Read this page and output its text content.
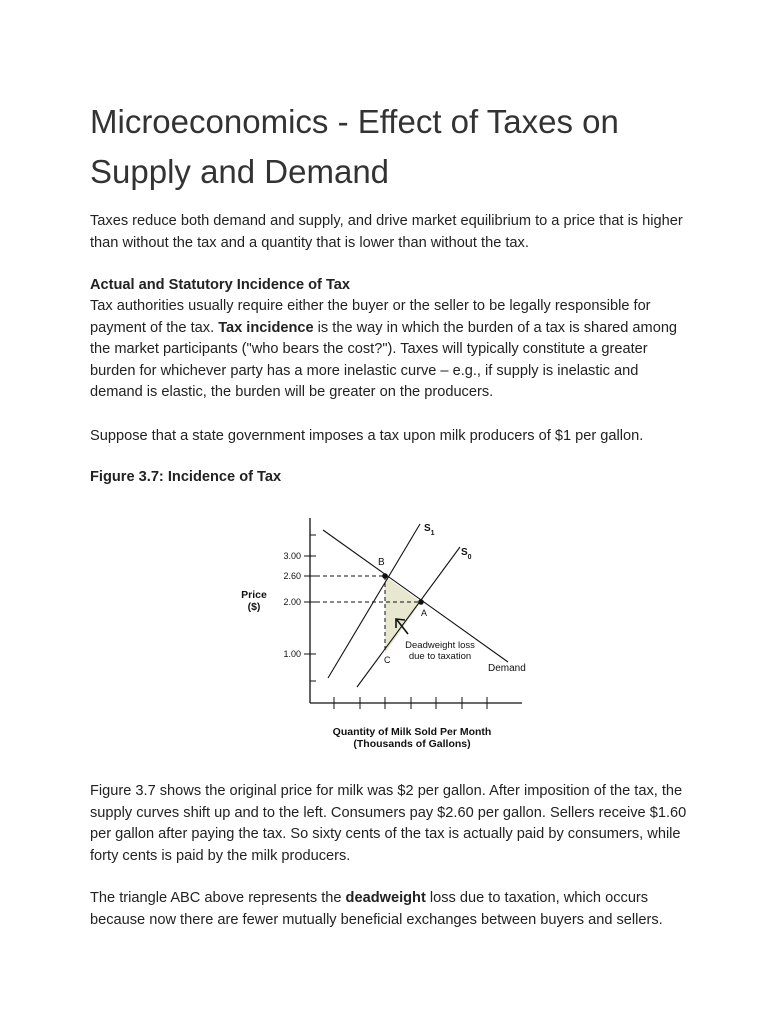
Microeconomics - Effect of Taxes on Supply and Demand

Taxes reduce both demand and supply, and drive market equilibrium to a price that is higher than without the tax and a quantity that is lower than without the tax.

Actual and Statutory Incidence of Tax

Tax authorities usually require either the buyer or the seller to be legally responsible for payment of the tax. Tax incidence is the way in which the burden of a tax is shared among the market participants ("who bears the cost?"). Taxes will typically constitute a greater burden for whichever party has a more inelastic curve – e.g., if supply is inelastic and demand is elastic, the burden will be greater on the producers.

Suppose that a state government imposes a tax upon milk producers of $1 per gallon.

Figure 3.7: Incidence of Tax

3.00
2.60
2.00
1.00
Price
($)
$S_1$
$S_0$
Demand
B
A
C
Deadweight loss
due to taxation
Quantity of Milk Sold Per Month
(Thousands of Gallons)

Figure 3.7 shows the original price for milk was $2 per gallon. After imposition of the tax, the supply curves shift up and to the left. Consumers pay $2.60 per gallon. Sellers receive $1.60 per gallon after paying the tax. So sixty cents of the tax is actually paid by consumers, while forty cents is paid by the milk producers.

The triangle ABC above represents the deadweight loss due to taxation, which occurs because now there are fewer mutually beneficial exchanges between buyers and sellers.
